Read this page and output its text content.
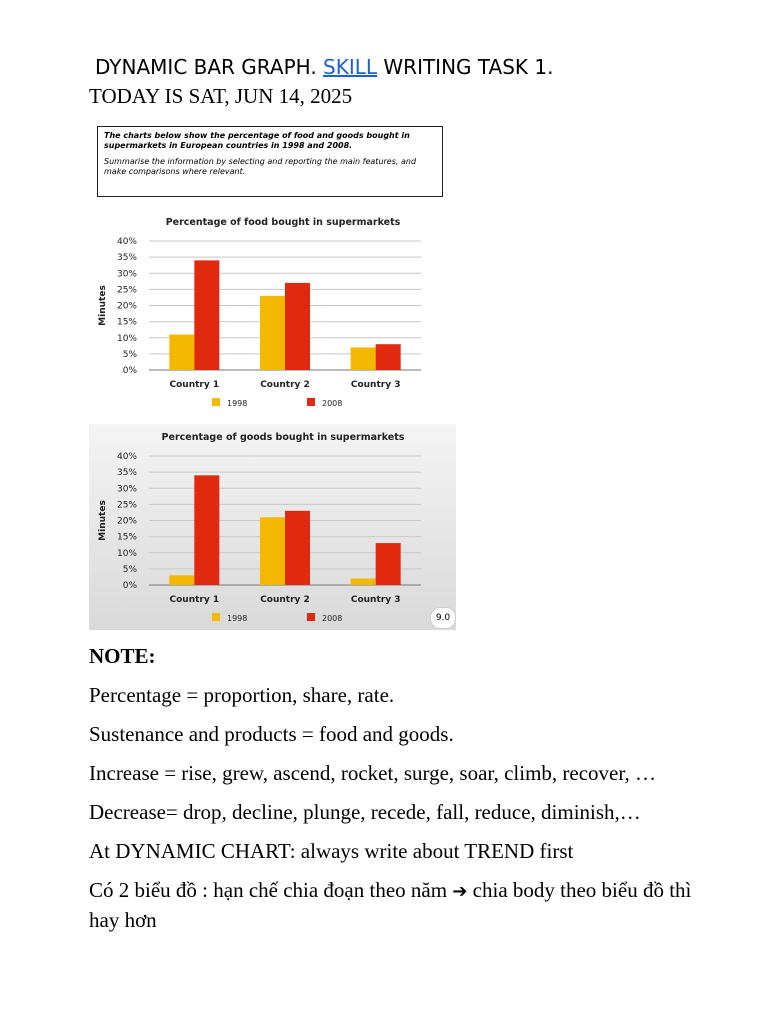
DYNAMIC BAR GRAPH. SKILL WRITING TASK 1.
TODAY IS SAT, JUN 14, 2025

The charts below show the percentage of food and goods bought in supermarkets in European countries in 1998 and 2008.

Summarise the information by selecting and reporting the main features, and make comparisons where relevant.

Percentage of food bought in supermarkets
0%
5%
10%
15%
20%
25%
30%
35%
40%
Minutes
Country 1	Country 2	Country 3
1998	2008
Percentage of goods bought in supermarkets
0%
5%
10%
15%
20%
25%
30%
35%
40%
Minutes
Country 1	Country 2	Country 3
1998	2008	9.0
NOTE:
Percentage = proportion, share, rate.
Sustenance and products = food and goods.
Increase = rise, grew, ascend, rocket, surge, soar, climb, recover, …
Decrease= drop, decline, plunge, recede, fall, reduce, diminish,…
At DYNAMIC CHART: always write about TREND first
Có 2 biểu đồ : hạn chế chia đoạn theo năm ➔ chia body theo biểu đồ thì hay hơn
